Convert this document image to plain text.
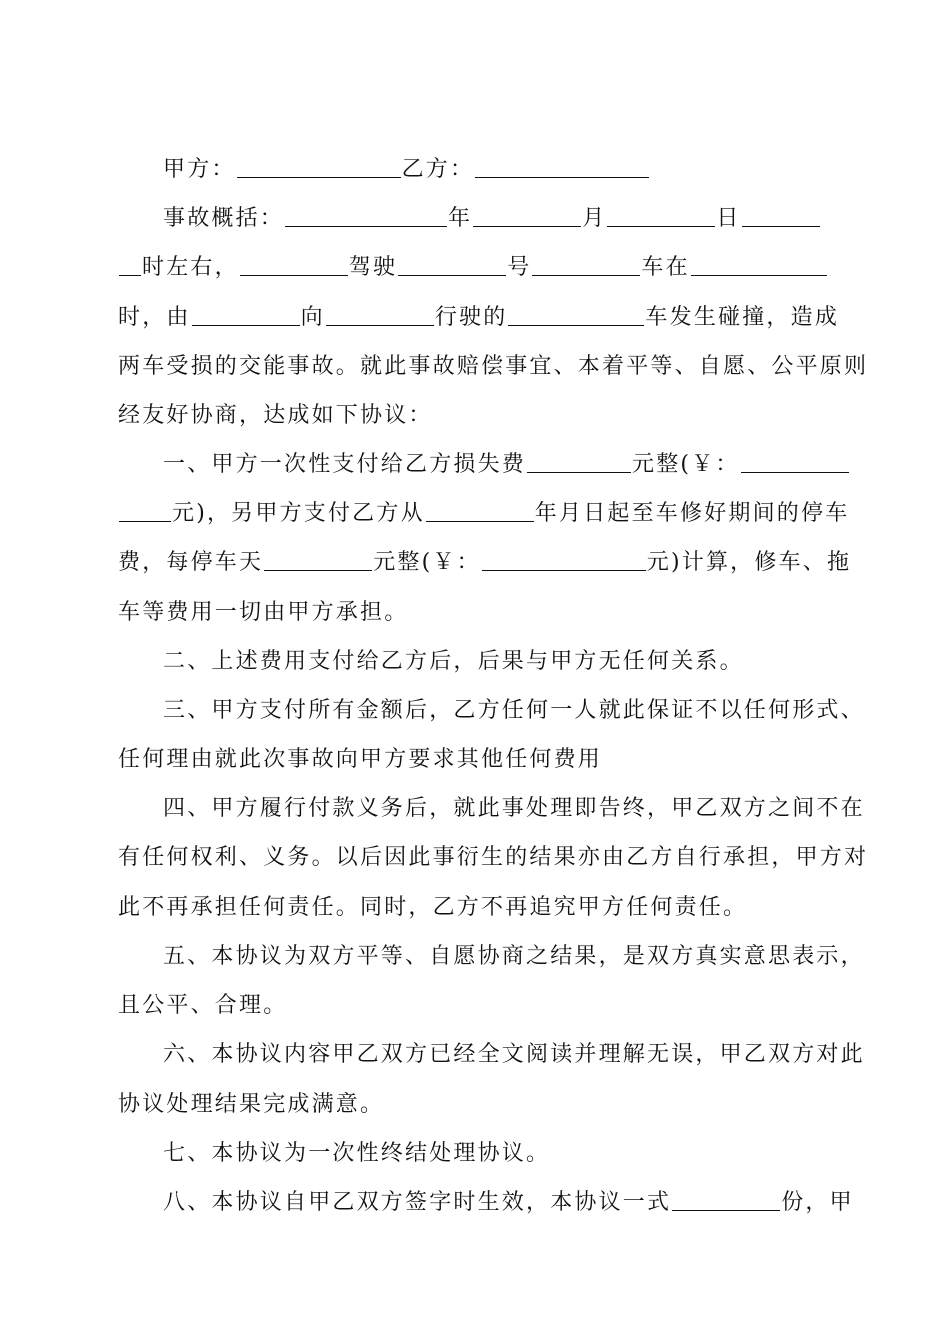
甲方：	乙方：
事故概括：	年	月	日
时左右，	驾驶	号	车在
时，由	向	行驶的	车发生碰撞，造成
两车受损的交能事故。就此事故赔偿事宜、本着平等、自愿、公平原则
经友好协商，达成如下协议：
一、甲方一次性支付给乙方损失费	元整(￥：
元)，另甲方支付乙方从	年月日起至车修好期间的停车
费，每停车天	元整(￥：	元)计算，修车、拖
车等费用一切由甲方承担。
二、上述费用支付给乙方后，后果与甲方无任何关系。
三、甲方支付所有金额后，乙方任何一人就此保证不以任何形式、
任何理由就此次事故向甲方要求其他任何费用
四、甲方履行付款义务后，就此事处理即告终，甲乙双方之间不在
有任何权利、义务。以后因此事衍生的结果亦由乙方自行承担，甲方对
此不再承担任何责任。同时，乙方不再追究甲方任何责任。
五、本协议为双方平等、自愿协商之结果，是双方真实意思表示，
且公平、合理。
六、本协议内容甲乙双方已经全文阅读并理解无误，甲乙双方对此
协议处理结果完成满意。
七、本协议为一次性终结处理协议。
八、本协议自甲乙双方签字时生效，本协议一式	份，甲
